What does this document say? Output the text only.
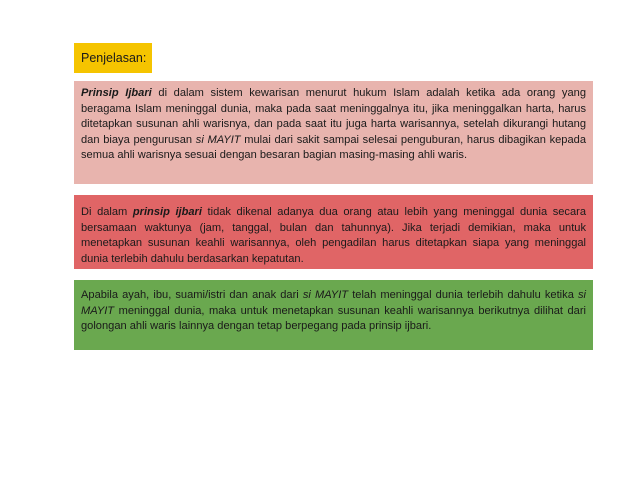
Penjelasan:

Prinsip Ijbari di dalam sistem kewarisan menurut hukum Islam adalah ketika ada orang yang beragama Islam meninggal dunia, maka pada saat meninggalnya itu, jika meninggalkan harta, harus ditetapkan susunan ahli warisnya, dan pada saat itu juga harta warisannya, setelah dikurangi hutang dan biaya pengurusan si MAYIT mulai dari sakit sampai selesai penguburan, harus dibagikan kepada semua ahli warisnya sesuai dengan besaran bagian masing-masing ahli waris.

Di dalam prinsip ijbari tidak dikenal adanya dua orang atau lebih yang meninggal dunia secara bersamaan waktunya (jam, tanggal, bulan dan tahunnya). Jika terjadi demikian, maka untuk menetapkan susunan keahli warisannya, oleh pengadilan harus ditetapkan siapa yang meninggal dunia terlebih dahulu berdasarkan kepatutan.

Apabila ayah, ibu, suami/istri dan anak dari si MAYIT telah meninggal dunia terlebih dahulu ketika si MAYIT meninggal dunia, maka untuk menetapkan susunan keahli warisannya berikutnya dilihat dari golongan ahli waris lainnya dengan tetap berpegang pada prinsip ijbari.
